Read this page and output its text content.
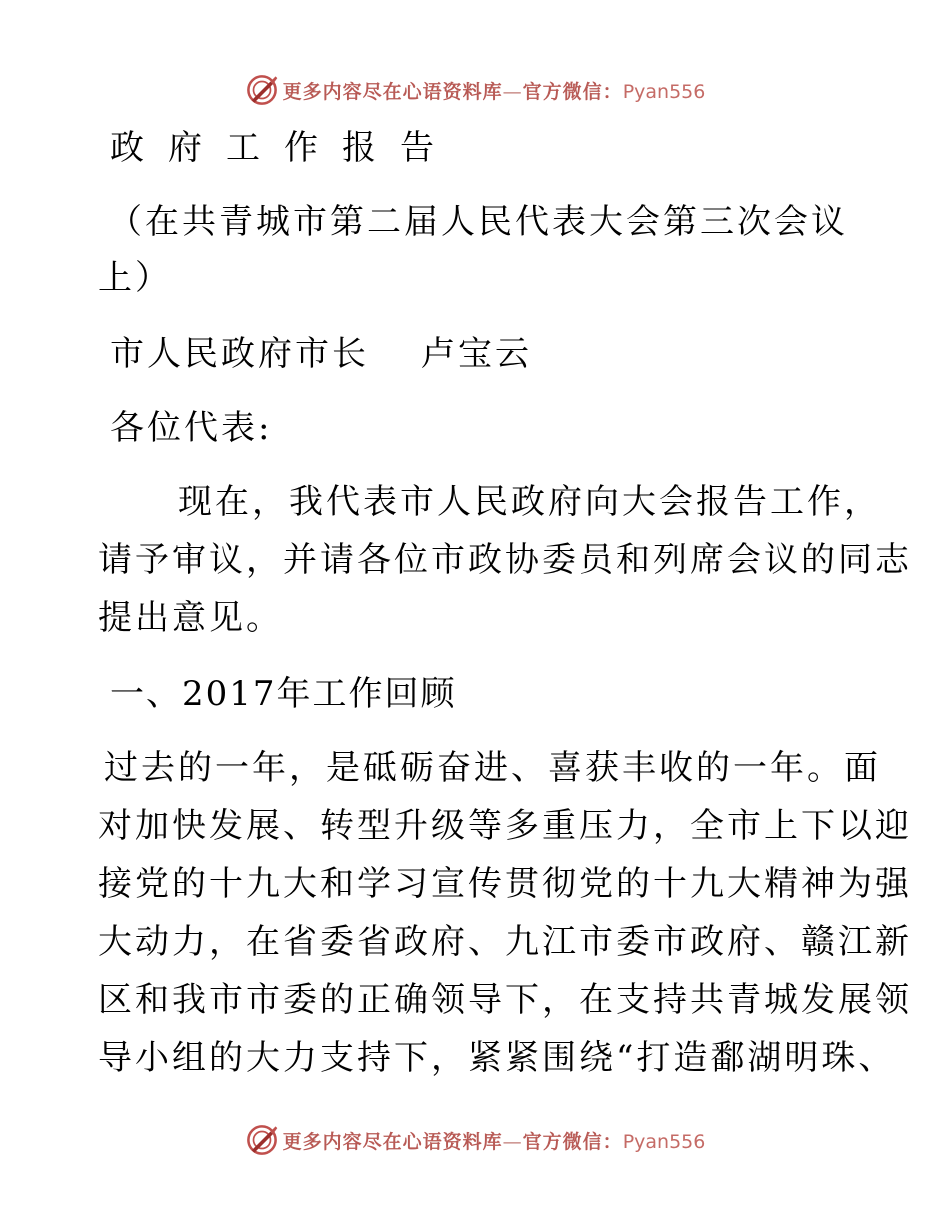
更多内容尽在心语资料库—官方微信：Pyan556

政府工作报告

（在共青城市第二届人民代表大会第三次会议

上）

市人民政府市长 卢宝云

各位代表:

现在，我代表市人民政府向大会报告工作，

请予审议，并请各位市政协委员和列席会议的同志

提出意见。

一、2017年工作回顾

过去的一年，是砥砺奋进、喜获丰收的一年。面

对加快发展、转型升级等多重压力，全市上下以迎

接党的十九大和学习宣传贯彻党的十九大精神为强

大动力，在省委省政府、九江市委市政府、赣江新

区和我市市委的正确领导下，在支持共青城发展领

导小组的大力支持下，紧紧围绕“打造鄱湖明珠、

更多内容尽在心语资料库—官方微信：Pyan556
